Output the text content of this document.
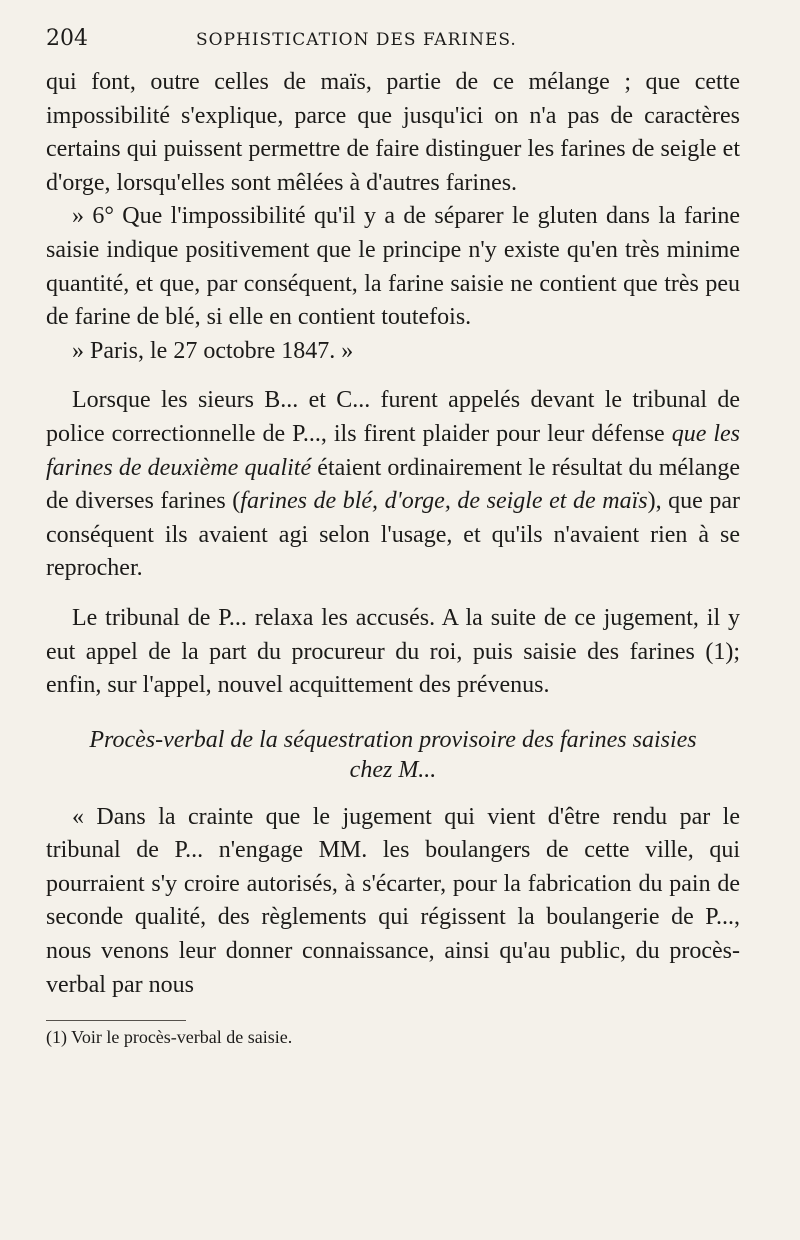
204	SOPHISTICATION DES FARINES.

qui font, outre celles de maïs, partie de ce mélange ; que cette impossibilité s'explique, parce que jusqu'ici on n'a pas de caractères certains qui puissent permettre de faire distinguer les farines de seigle et d'orge, lorsqu'elles sont mêlées à d'autres farines.

» 6° Que l'impossibilité qu'il y a de séparer le gluten dans la farine saisie indique positivement que le principe n'y existe qu'en très minime quantité, et que, par conséquent, la farine saisie ne contient que très peu de farine de blé, si elle en contient toutefois.

» Paris, le 27 octobre 1847. »

Lorsque les sieurs B... et C... furent appelés devant le tribunal de police correctionnelle de P..., ils firent plaider pour leur défense que les farines de deuxième qualité étaient ordinairement le résultat du mélange de diverses farines (farines de blé, d'orge, de seigle et de maïs), que par conséquent ils avaient agi selon l'usage, et qu'ils n'avaient rien à se reprocher.

Le tribunal de P... relaxa les accusés. A la suite de ce jugement, il y eut appel de la part du procureur du roi, puis saisie des farines (1); enfin, sur l'appel, nouvel acquittement des prévenus.

Procès-verbal de la séquestration provisoire des farines saisies

chez M...

« Dans la crainte que le jugement qui vient d'être rendu par le tribunal de P... n'engage MM. les boulangers de cette ville, qui pourraient s'y croire autorisés, à s'écarter, pour la fabrication du pain de seconde qualité, des règlements qui régissent la boulangerie de P..., nous venons leur donner connaissance, ainsi qu'au public, du procès-verbal par nous

(1) Voir le procès-verbal de saisie.
